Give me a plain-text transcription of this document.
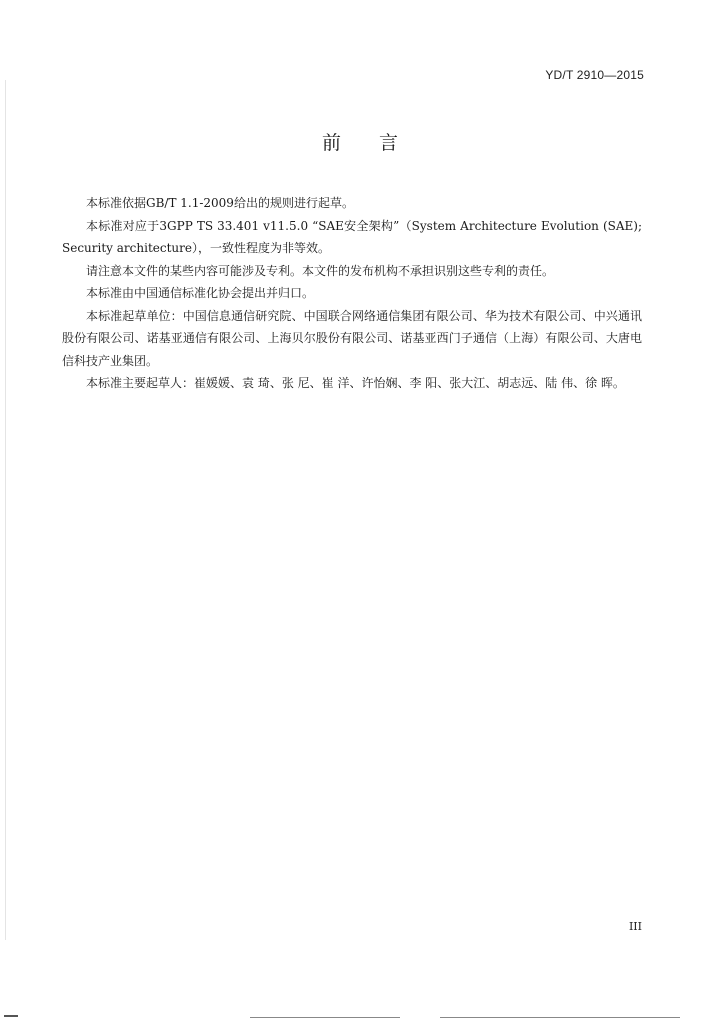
YD/T 2910—2015
前言

本标准依据GB/T 1.1-2009给出的规则进行起草。

本标准对应于3GPP TS 33.401 v11.5.0 “SAE安全架构”（System Architecture Evolution (SAE); Security architecture），一致性程度为非等效。

请注意本文件的某些内容可能涉及专利。本文件的发布机构不承担识别这些专利的责任。

本标准由中国通信标准化协会提出并归口。

本标准起草单位：中国信息通信研究院、中国联合网络通信集团有限公司、华为技术有限公司、中兴通讯股份有限公司、诺基亚通信有限公司、上海贝尔股份有限公司、诺基亚西门子通信（上海）有限公司、大唐电信科技产业集团。

本标准主要起草人：崔媛媛、袁 琦、张 尼、崔 洋、许怡娴、李 阳、张大江、胡志远、陆 伟、徐 晖。

III
